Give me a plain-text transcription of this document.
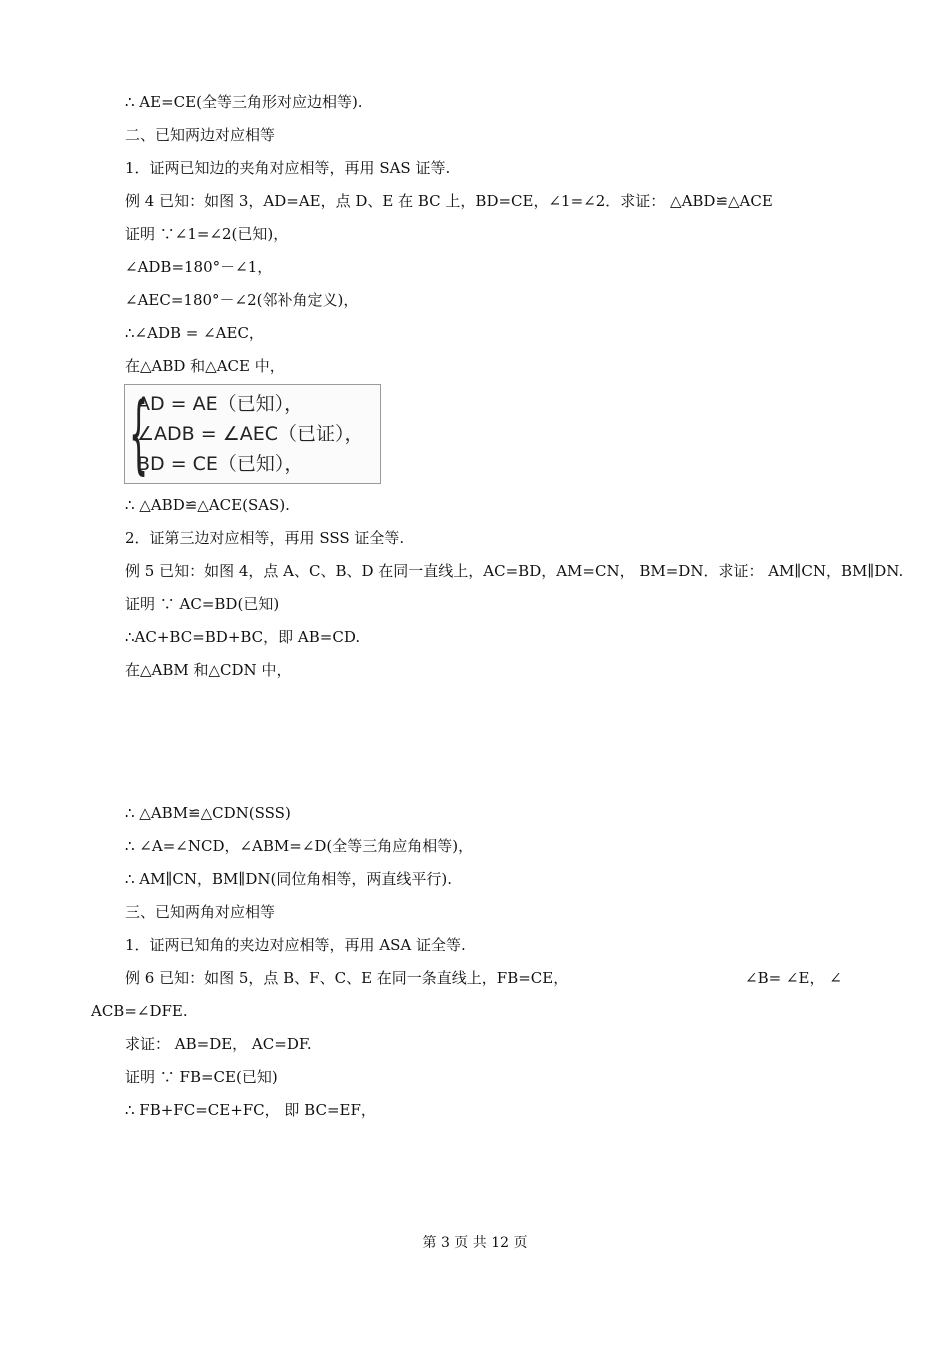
∴ AE=CE(全等三角形对应边相等).
二、已知两边对应相等
1．证两已知边的夹角对应相等，再用 SAS 证等.
例 4 已知：如图 3，AD=AE，点 D、E 在 BC 上，BD=CE，∠1=∠2．求证： △ABD≌△ACE
证明 ∵∠1=∠2(已知)，
∠ADB=180°－∠1，
∠AEC=180°－∠2(邻补角定义)，
∴∠ADB = ∠AEC，
在△ABD 和△ACE 中，
{
AD = AE（已知），
∠ADB = ∠AEC（已证），
BD = CE（已知），
∴ △ABD≌△ACE(SAS).
2．证第三边对应相等，再用 SSS 证全等.
例 5 已知：如图 4，点 A、C、B、D 在同一直线上，AC=BD，AM=CN， BM=DN．求证： AM∥CN，BM∥DN.
证明 ∵ AC=BD(已知)
∴AC+BC=BD+BC，即 AB=CD.
在△ABM 和△CDN 中，
∴ △ABM≌△CDN(SSS)
∴ ∠A=∠NCD，∠ABM=∠D(全等三角应角相等)，
∴ AM∥CN，BM∥DN(同位角相等，两直线平行).
三、已知两角对应相等
1．证两已知角的夹边对应相等，再用 ASA 证全等.
例 6 已知：如图 5，点 B、F、C、E 在同一条直线上，FB=CE，	∠B= ∠E， ∠
ACB=∠DFE.
求证： AB=DE， AC=DF.
证明 ∵ FB=CE(已知)
∴ FB+FC=CE+FC， 即 BC=EF，
第 3 页 共 12 页
